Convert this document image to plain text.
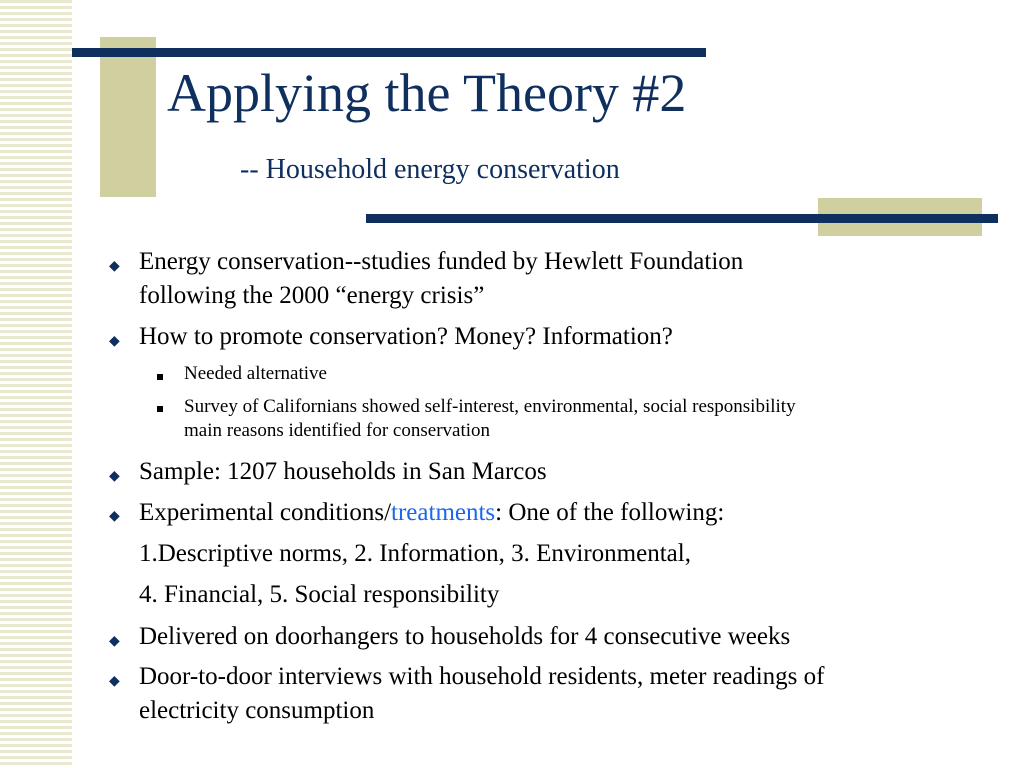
Applying the Theory #2
-- Household energy conservation
◆ Energy conservation--studies funded by Hewlett Foundation
following the 2000 “energy crisis”
◆ How to promote conservation? Money? Information?
Needed alternative
Survey of Californians showed self-interest, environmental, social responsibility
main reasons identified for conservation
◆ Sample: 1207 households in San Marcos
◆ Experimental conditions/treatments: One of the following:
1.Descriptive norms, 2. Information, 3. Environmental,
4. Financial, 5. Social responsibility
◆ Delivered on doorhangers to households for 4 consecutive weeks
◆ Door-to-door interviews with household residents, meter readings of
electricity consumption
